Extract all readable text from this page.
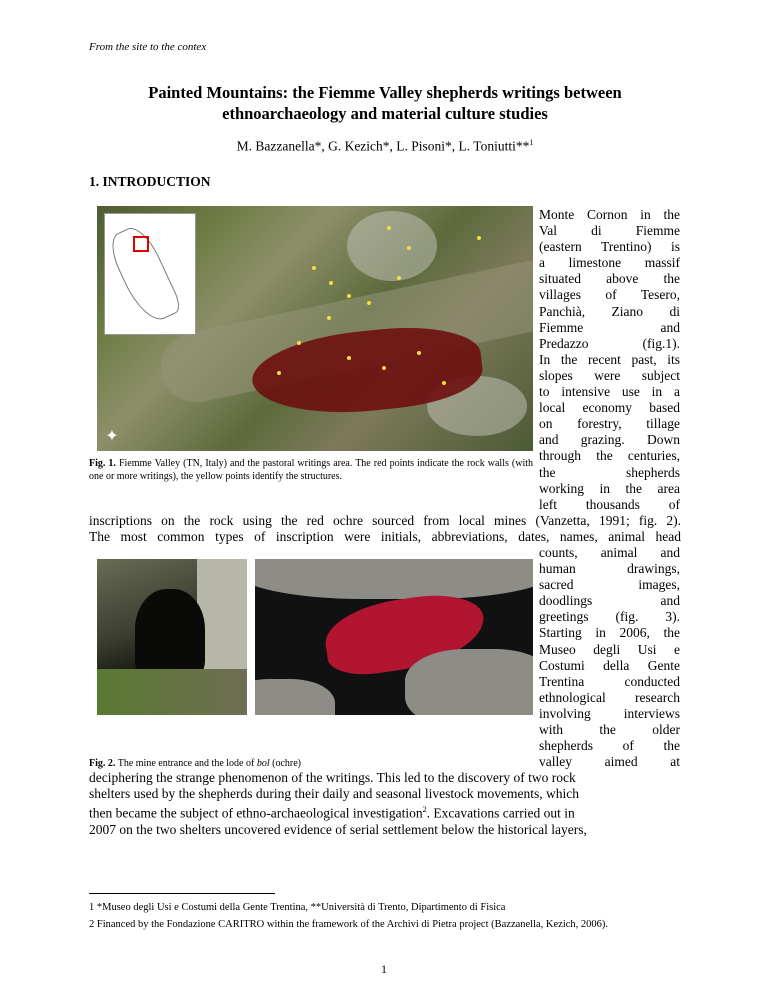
From the site to the contex
Painted Mountains: the Fiemme Valley shepherds writings between
ethnoarchaeology and material culture studies
M. Bazzanella*, G. Kezich*, L. Pisoni*, L. Toniutti**$^1$
1. INTRODUCTION
✦
Fig. 1. Fiemme Valley (TN, Italy) and the pastoral writings area. The red points indicate the rock walls (with one or more writings), the yellow points identify the structures.
Monte Cornon in the
Val di Fiemme
(eastern Trentino) is
a limestone massif
situated above the
villages of Tesero,
Panchià, Ziano di
Fiemme and
Predazzo (fig.1).
In the recent past, its
slopes were subject
to intensive use in a
local economy based
on forestry, tillage
and grazing. Down
through the centuries,
the shepherds
working in the area
left thousands of
inscriptions on the rock using the red ochre sourced from local mines (Vanzetta, 1991; fig. 2).
The most common types of inscription were initials, abbreviations, dates, names, animal head
Fig. 2. The mine entrance and the lode of bol (ochre)
counts, animal and
human drawings,
sacred images,
doodlings and
greetings (fig. 3).
Starting in 2006, the
Museo degli Usi e
Costumi della Gente
Trentina conducted
ethnological research
involving interviews
with the older
shepherds of the
valley aimed at
deciphering the strange phenomenon of the writings. This led to the discovery of two rock
shelters used by the shepherds during their daily and seasonal livestock movements, which
then became the subject of ethno-archaeological investigation$^2$. Excavations carried out in
2007 on the two shelters uncovered evidence of serial settlement below the historical layers,
1 *Museo degli Usi e Costumi della Gente Trentina, **Università di Trento, Dipartimento di Fisica
2 Financed by the Fondazione CARITRO within the framework of the Archivi di Pietra project (Bazzanella, Kezich, 2006).
1
